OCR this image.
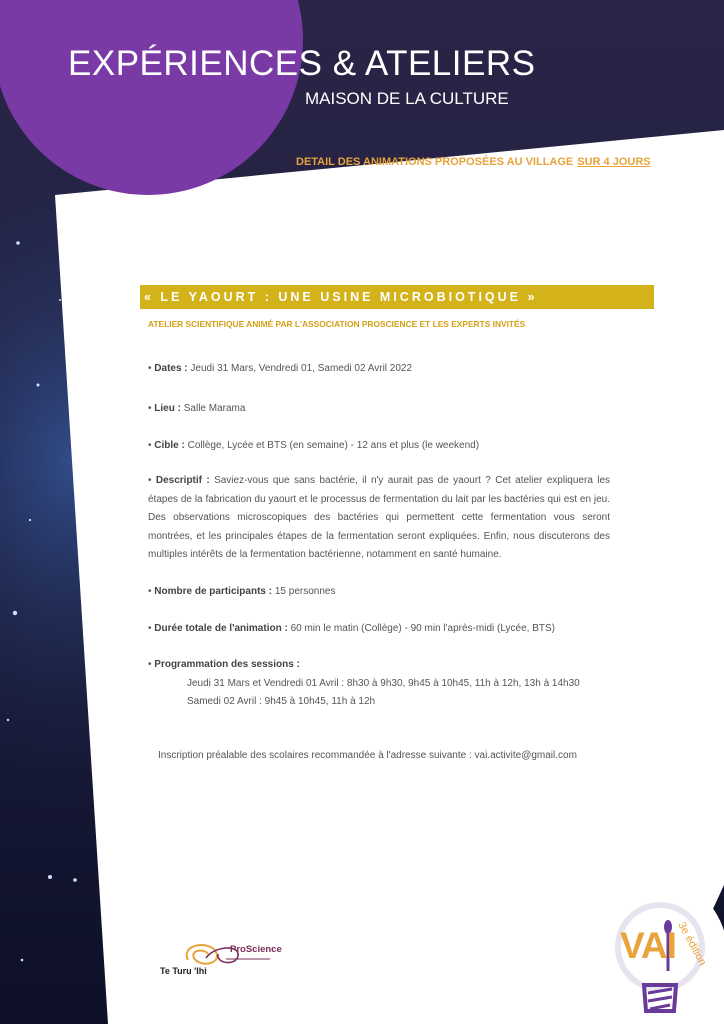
EXPÉRIENCES & ATELIERS
MAISON DE LA CULTURE
DETAIL DES ANIMATIONS PROPOSÉES AU VILLAGE SUR 4 JOURS
« LE YAOURT : UNE USINE MICROBIOTIQUE »
ATELIER SCIENTIFIQUE ANIMÉ PAR L'ASSOCIATION PROSCIENCE ET LES EXPERTS INVITÉS
• Dates : Jeudi 31 Mars, Vendredi 01, Samedi 02 Avril 2022
• Lieu : Salle Marama
• Cible : Collège, Lycée et BTS (en semaine) - 12 ans et plus (le weekend)
• Descriptif : Saviez-vous que sans bactérie, il n'y aurait pas de yaourt ? Cet atelier expliquera les étapes de la fabrication du yaourt et le processus de fermentation du lait par les bactéries qui est en jeu. Des observations microscopiques des bactéries qui permettent cette fermentation vous seront montrées, et les principales étapes de la fermentation seront expliquées. Enfin, nous discuterons des multiples intérêts de la fermentation bactérienne, notamment en santé humaine.
• Nombre de participants : 15 personnes
• Durée totale de l'animation : 60 min le matin (Collège) - 90 min l'après-midi (Lycée, BTS)
• Programmation des sessions :
Jeudi 31 Mars et Vendredi 01 Avril : 8h30 à 9h30, 9h45 à 10h45, 11h à 12h, 13h à 14h30
Samedi 02 Avril : 9h45 à 10h45, 11h à 12h
Inscription préalable des scolaires recommandée à l'adresse suivante : vai.activite@gmail.com
ProScience
Te Turu 'Ihi
VAI 3e édition
